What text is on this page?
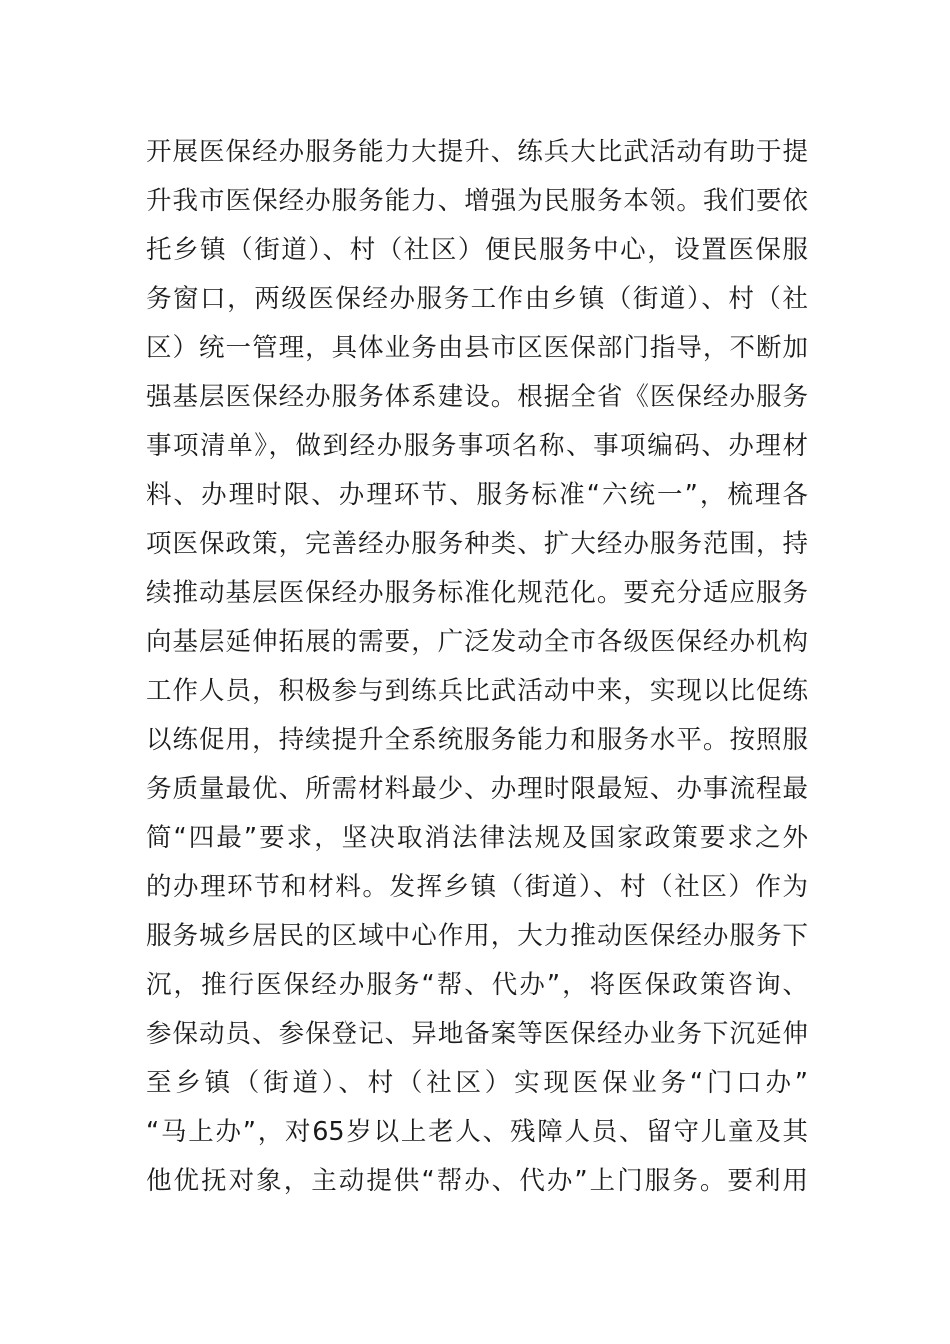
开展医保经办服务能力大提升、练兵大比武活动有助于提
升我市医保经办服务能力、增强为民服务本领。我们要依
托乡镇（街道）、村（社区）便民服务中心，设置医保服
务窗口，两级医保经办服务工作由乡镇（街道）、村（社
区）统一管理，具体业务由县市区医保部门指导，不断加
强基层医保经办服务体系建设。根据全省《医保经办服务
事项清单》，做到经办服务事项名称、事项编码、办理材
料、办理时限、办理环节、服务标准“六统一”，梳理各
项医保政策，完善经办服务种类、扩大经办服务范围，持
续推动基层医保经办服务标准化规范化。要充分适应服务
向基层延伸拓展的需要，广泛发动全市各级医保经办机构
工作人员，积极参与到练兵比武活动中来，实现以比促练
以练促用，持续提升全系统服务能力和服务水平。按照服
务质量最优、所需材料最少、办理时限最短、办事流程最
简“四最”要求，坚决取消法律法规及国家政策要求之外
的办理环节和材料。发挥乡镇（街道）、村（社区）作为
服务城乡居民的区域中心作用，大力推动医保经办服务下
沉，推行医保经办服务“帮、代办”，将医保政策咨询、
参保动员、参保登记、异地备案等医保经办业务下沉延伸
至乡镇（街道）、村（社区）实现医保业务“门口办”
“马上办”，对65岁以上老人、残障人员、留守儿童及其
他优抚对象，主动提供“帮办、代办”上门服务。要利用
